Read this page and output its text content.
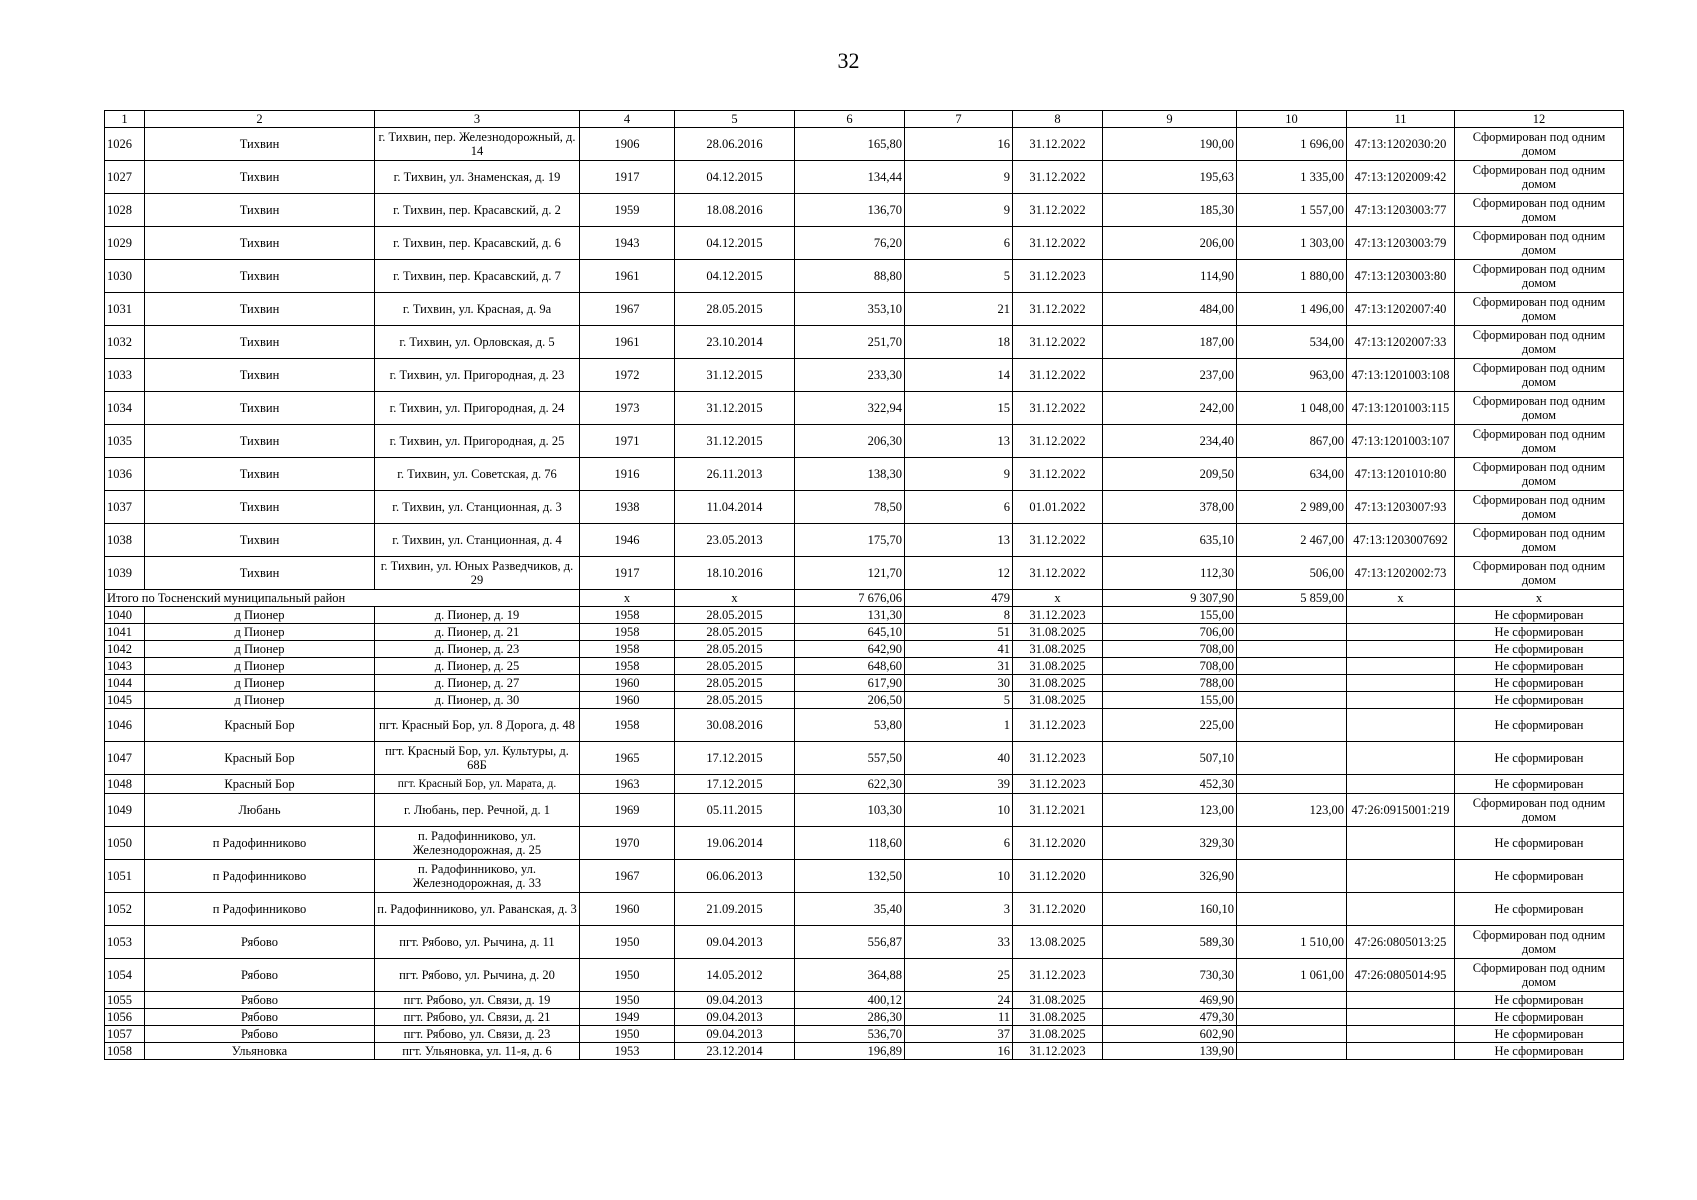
32
1	2	3	4	5	6	7	8	9	10	11	12
1026	Тихвин	г. Тихвин, пер. Железнодорожный, д. 14	1906	28.06.2016	165,80	16	31.12.2022	190,00	1 696,00	47:13:1202030:20	Сформирован под одним домом
1027	Тихвин	г. Тихвин, ул. Знаменская, д. 19	1917	04.12.2015	134,44	9	31.12.2022	195,63	1 335,00	47:13:1202009:42	Сформирован под одним домом
1028	Тихвин	г. Тихвин, пер. Красавский, д. 2	1959	18.08.2016	136,70	9	31.12.2022	185,30	1 557,00	47:13:1203003:77	Сформирован под одним домом
1029	Тихвин	г. Тихвин, пер. Красавский, д. 6	1943	04.12.2015	76,20	6	31.12.2022	206,00	1 303,00	47:13:1203003:79	Сформирован под одним домом
1030	Тихвин	г. Тихвин, пер. Красавский, д. 7	1961	04.12.2015	88,80	5	31.12.2023	114,90	1 880,00	47:13:1203003:80	Сформирован под одним домом
1031	Тихвин	г. Тихвин, ул. Красная, д. 9а	1967	28.05.2015	353,10	21	31.12.2022	484,00	1 496,00	47:13:1202007:40	Сформирован под одним домом
1032	Тихвин	г. Тихвин, ул. Орловская, д. 5	1961	23.10.2014	251,70	18	31.12.2022	187,00	534,00	47:13:1202007:33	Сформирован под одним домом
1033	Тихвин	г. Тихвин, ул. Пригородная, д. 23	1972	31.12.2015	233,30	14	31.12.2022	237,00	963,00	47:13:1201003:108	Сформирован под одним домом
1034	Тихвин	г. Тихвин, ул. Пригородная, д. 24	1973	31.12.2015	322,94	15	31.12.2022	242,00	1 048,00	47:13:1201003:115	Сформирован под одним домом
1035	Тихвин	г. Тихвин, ул. Пригородная, д. 25	1971	31.12.2015	206,30	13	31.12.2022	234,40	867,00	47:13:1201003:107	Сформирован под одним домом
1036	Тихвин	г. Тихвин, ул. Советская, д. 76	1916	26.11.2013	138,30	9	31.12.2022	209,50	634,00	47:13:1201010:80	Сформирован под одним домом
1037	Тихвин	г. Тихвин, ул. Станционная, д. 3	1938	11.04.2014	78,50	6	01.01.2022	378,00	2 989,00	47:13:1203007:93	Сформирован под одним домом
1038	Тихвин	г. Тихвин, ул. Станционная, д. 4	1946	23.05.2013	175,70	13	31.12.2022	635,10	2 467,00	47:13:1203007692	Сформирован под одним домом
1039	Тихвин	г. Тихвин, ул. Юных Разведчиков, д. 29	1917	18.10.2016	121,70	12	31.12.2022	112,30	506,00	47:13:1202002:73	Сформирован под одним домом
Итого по Тосненский муниципальный район			х	х	7 676,06	479	х	9 307,90	5 859,00	х	х
1040	д Пионер	д. Пионер, д. 19	1958	28.05.2015	131,30	8	31.12.2023	155,00			Не сформирован
1041	д Пионер	д. Пионер, д. 21	1958	28.05.2015	645,10	51	31.08.2025	706,00			Не сформирован
1042	д Пионер	д. Пионер, д. 23	1958	28.05.2015	642,90	41	31.08.2025	708,00			Не сформирован
1043	д Пионер	д. Пионер, д. 25	1958	28.05.2015	648,60	31	31.08.2025	708,00			Не сформирован
1044	д Пионер	д. Пионер, д. 27	1960	28.05.2015	617,90	30	31.08.2025	788,00			Не сформирован
1045	д Пионер	д. Пионер, д. 30	1960	28.05.2015	206,50	5	31.08.2025	155,00			Не сформирован
1046	Красный Бор	пгт. Красный Бор, ул. 8 Дорога, д. 48	1958	30.08.2016	53,80	1	31.12.2023	225,00			Не сформирован
1047	Красный Бор	пгт. Красный Бор, ул. Культуры, д. 68Б	1965	17.12.2015	557,50	40	31.12.2023	507,10			Не сформирован
1048	Красный Бор	пгт. Красный Бор, ул. Марата, д.	1963	17.12.2015	622,30	39	31.12.2023	452,30			Не сформирован
1049	Любань	г. Любань, пер. Речной, д. 1	1969	05.11.2015	103,30	10	31.12.2021	123,00	123,00	47:26:0915001:219	Сформирован под одним домом
1050	п Радофинниково	п. Радофинниково, ул. Железнодорожная, д. 25	1970	19.06.2014	118,60	6	31.12.2020	329,30			Не сформирован
1051	п Радофинниково	п. Радофинниково, ул. Железнодорожная, д. 33	1967	06.06.2013	132,50	10	31.12.2020	326,90			Не сформирован
1052	п Радофинниково	п. Радофинниково, ул. Раванская, д. 3	1960	21.09.2015	35,40	3	31.12.2020	160,10			Не сформирован
1053	Рябово	пгт. Рябово, ул. Рычина, д. 11	1950	09.04.2013	556,87	33	13.08.2025	589,30	1 510,00	47:26:0805013:25	Сформирован под одним домом
1054	Рябово	пгт. Рябово, ул. Рычина, д. 20	1950	14.05.2012	364,88	25	31.12.2023	730,30	1 061,00	47:26:0805014:95	Сформирован под одним домом
1055	Рябово	пгт. Рябово, ул. Связи, д. 19	1950	09.04.2013	400,12	24	31.08.2025	469,90			Не сформирован
1056	Рябово	пгт. Рябово, ул. Связи, д. 21	1949	09.04.2013	286,30	11	31.08.2025	479,30			Не сформирован
1057	Рябово	пгт. Рябово, ул. Связи, д. 23	1950	09.04.2013	536,70	37	31.08.2025	602,90			Не сформирован
1058	Ульяновка	пгт. Ульяновка, ул. 11-я, д. 6	1953	23.12.2014	196,89	16	31.12.2023	139,90			Не сформирован
